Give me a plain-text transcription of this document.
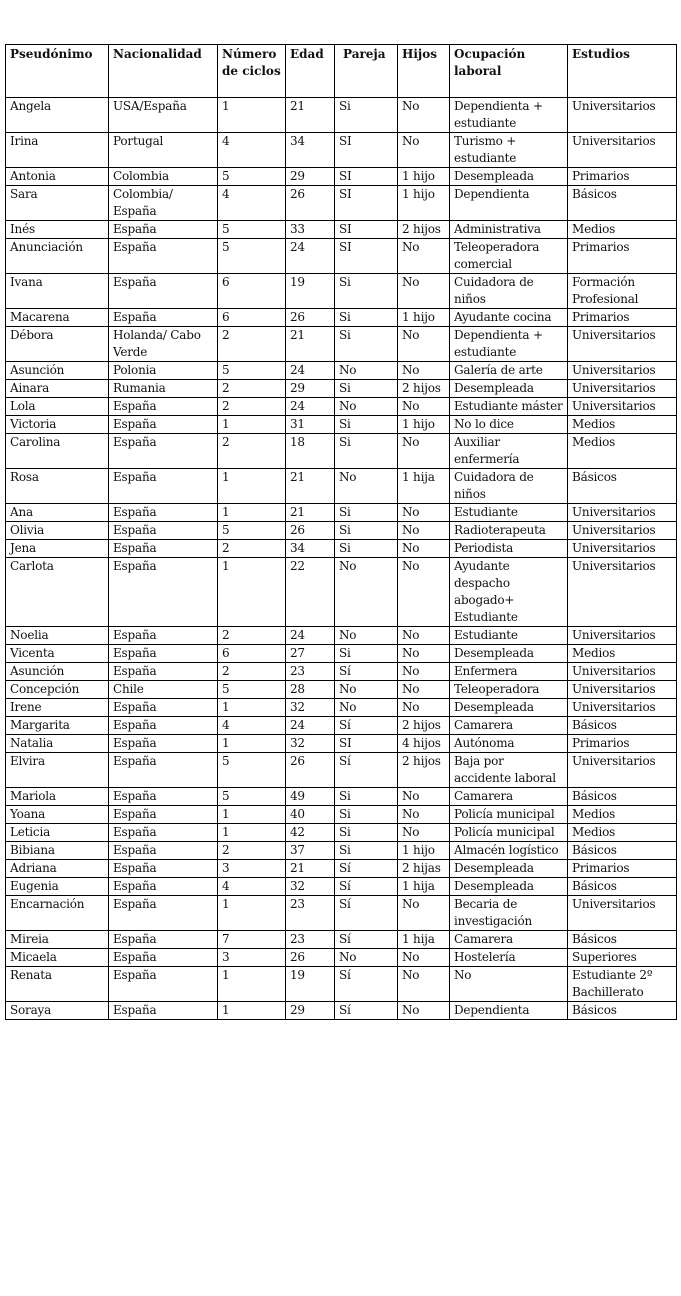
Pseudónimo	Nacionalidad	Número de ciclos	Edad	Pareja	Hijos	Ocupación laboral	Estudios
Angela	USA/España	1	21	Si	No	Dependienta + estudiante	Universitarios
Irina	Portugal	4	34	SI	No	Turismo + estudiante	Universitarios
Antonia	Colombia	5	29	SI	1 hijo	Desempleada	Primarios
Sara	Colombia/ España	4	26	SI	1 hijo	Dependienta	Básicos
Inés	España	5	33	SI	2 hijos	Administrativa	Medios
Anunciación	España	5	24	SI	No	Teleoperadora comercial	Primarios
Ivana	España	6	19	Si	No	Cuidadora de niños	Formación Profesional
Macarena	España	6	26	Si	1 hijo	Ayudante cocina	Primarios
Débora	Holanda/ Cabo Verde	2	21	Si	No	Dependienta + estudiante	Universitarios
Asunción	Polonia	5	24	No	No	Galería de arte	Universitarios
Ainara	Rumania	2	29	Si	2 hijos	Desempleada	Universitarios
Lola	España	2	24	No	No	Estudiante máster	Universitarios
Victoria	España	1	31	Si	1 hijo	No lo dice	Medios
Carolina	España	2	18	Si	No	Auxiliar enfermería	Medios
Rosa	España	1	21	No	1 hija	Cuidadora de niños	Básicos
Ana	España	1	21	Si	No	Estudiante	Universitarios
Olivia	España	5	26	Si	No	Radioterapeuta	Universitarios
Jena	España	2	34	Si	No	Periodista	Universitarios
Carlota	España	1	22	No	No	Ayudante despacho abogado+ Estudiante	Universitarios
Noelia	España	2	24	No	No	Estudiante	Universitarios
Vicenta	España	6	27	Si	No	Desempleada	Medios
Asunción	España	2	23	Sí	No	Enfermera	Universitarios
Concepción	Chile	5	28	No	No	Teleoperadora	Universitarios
Irene	España	1	32	No	No	Desempleada	Universitarios
Margarita	España	4	24	Sí	2 hijos	Camarera	Básicos
Natalia	España	1	32	SI	4 hijos	Autónoma	Primarios
Elvira	España	5	26	Sí	2 hijos	Baja por accidente laboral	Universitarios
Mariola	España	5	49	Si	No	Camarera	Básicos
Yoana	España	1	40	Si	No	Policía municipal	Medios
Leticia	España	1	42	Si	No	Policía municipal	Medios
Bibiana	España	2	37	Si	1 hijo	Almacén logístico	Básicos
Adriana	España	3	21	Sí	2 hijas	Desempleada	Primarios
Eugenia	España	4	32	Sí	1 hija	Desempleada	Básicos
Encarnación	España	1	23	Sí	No	Becaria de investigación	Universitarios
Mireia	España	7	23	Sí	1 hija	Camarera	Básicos
Micaela	España	3	26	No	No	Hostelería	Superiores
Renata	España	1	19	Sí	No	No	Estudiante 2º Bachillerato
Soraya	España	1	29	Sí	No	Dependienta	Básicos
